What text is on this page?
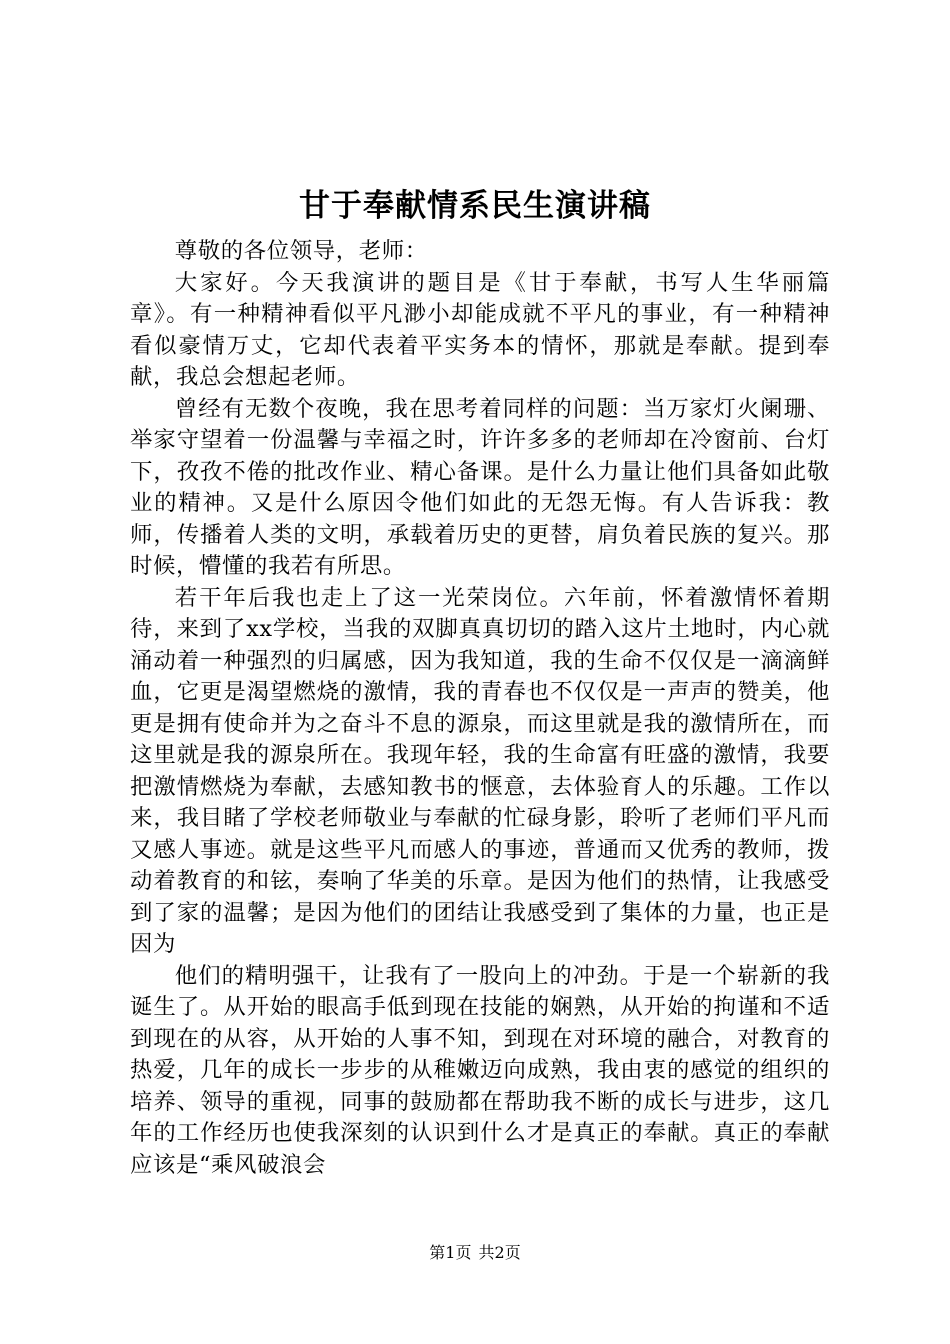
甘于奉献情系民生演讲稿

尊敬的各位领导，老师：

大家好。今天我演讲的题目是《甘于奉献，书写人生华丽篇章》。有一种精神看似平凡渺小却能成就不平凡的事业，有一种精神看似豪情万丈，它却代表着平实务本的情怀，那就是奉献。提到奉献，我总会想起老师。

曾经有无数个夜晚，我在思考着同样的问题：当万家灯火阑珊、举家守望着一份温馨与幸福之时，许许多多的老师却在冷窗前、台灯下，孜孜不倦的批改作业、精心备课。是什么力量让他们具备如此敬业的精神。又是什么原因令他们如此的无怨无悔。有人告诉我：教师，传播着人类的文明，承载着历史的更替，肩负着民族的复兴。那时候，懵懂的我若有所思。

若干年后我也走上了这一光荣岗位。六年前，怀着激情怀着期待，来到了xx学校，当我的双脚真真切切的踏入这片土地时，内心就涌动着一种强烈的归属感，因为我知道，我的生命不仅仅是一滴滴鲜血，它更是渴望燃烧的激情，我的青春也不仅仅是一声声的赞美，他更是拥有使命并为之奋斗不息的源泉，而这里就是我的激情所在，而这里就是我的源泉所在。我现年轻，我的生命富有旺盛的激情，我要把激情燃烧为奉献，去感知教书的惬意，去体验育人的乐趣。工作以来，我目睹了学校老师敬业与奉献的忙碌身影，聆听了老师们平凡而又感人事迹。就是这些平凡而感人的事迹，普通而又优秀的教师，拨动着教育的和铉，奏响了华美的乐章。是因为他们的热情，让我感受到了家的温馨；是因为他们的团结让我感受到了集体的力量，也正是因为

他们的精明强干，让我有了一股向上的冲劲。于是一个崭新的我诞生了。从开始的眼高手低到现在技能的娴熟，从开始的拘谨和不适到现在的从容，从开始的人事不知，到现在对环境的融合，对教育的热爱，几年的成长一步步的从稚嫩迈向成熟，我由衷的感觉的组织的培养、领导的重视，同事的鼓励都在帮助我不断的成长与进步，这几年的工作经历也使我深刻的认识到什么才是真正的奉献。真正的奉献应该是“乘风破浪会

第1页 共2页
